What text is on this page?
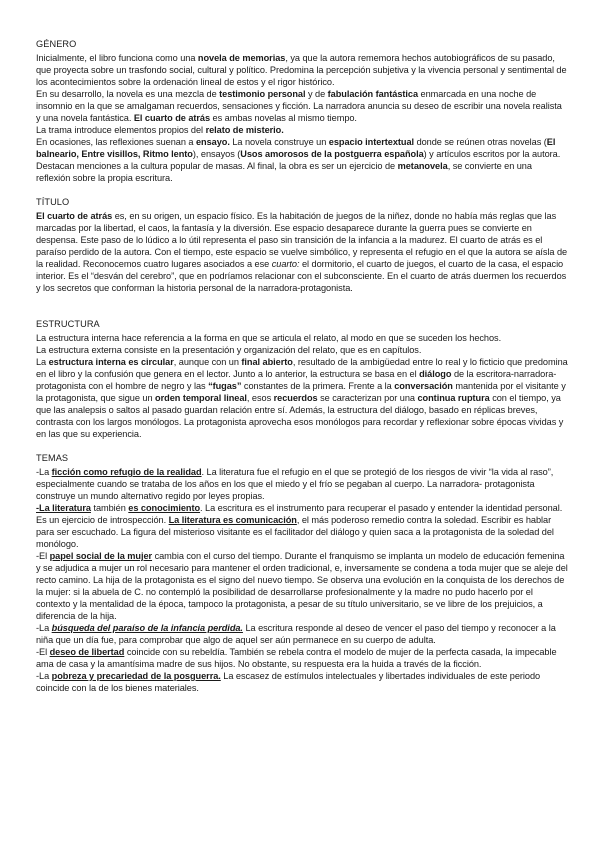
GÉNERO

Inicialmente, el libro funciona como una novela de memorias, ya que la autora rememora hechos autobiográficos de su pasado, que proyecta sobre un trasfondo social, cultural y político. Predomina la percepción subjetiva y la vivencia personal y sentimental de los acontecimientos sobre la ordenación lineal de estos y el rigor histórico.

En su desarrollo, la novela es una mezcla de testimonio personal y de fabulación fantástica enmarcada en una noche de insomnio en la que se amalgaman recuerdos, sensaciones y ficción. La narradora anuncia su deseo de escribir una novela realista y una novela fantástica. El cuarto de atrás es ambas novelas al mismo tiempo.

La trama introduce elementos propios del relato de misterio.

En ocasiones, las reflexiones suenan a ensayo. La novela construye un espacio intertextual donde se reúnen otras novelas (El balneario, Entre visillos, Ritmo lento), ensayos (Usos amorosos de la postguerra española) y artículos escritos por la autora. Destacan menciones a la cultura popular de masas. Al final, la obra es ser un ejercicio de metanovela, se convierte en una reflexión sobre la propia escritura.

TÍTULO

El cuarto de atrás es, en su origen, un espacio físico. Es la habitación de juegos de la niñez, donde no había más reglas que las marcadas por la libertad, el caos, la fantasía y la diversión. Ese espacio desaparece durante la guerra pues se convierte en despensa. Este paso de lo lúdico a lo útil representa el paso sin transición de la infancia a la madurez. El cuarto de atrás es el paraíso perdido de la autora. Con el tiempo, este espacio se vuelve simbólico, y representa el refugio en el que la autora se aísla de la realidad. Reconocemos cuatro lugares asociados a ese cuarto: el dormitorio, el cuarto de juegos, el cuarto de la casa, el espacio interior. Es el “desván del cerebro”, que en podríamos relacionar con el subconsciente. En el cuarto de atrás duermen los recuerdos y los secretos que conforman la historia personal de la narradora-protagonista.

ESTRUCTURA

La estructura interna hace referencia a la forma en que se articula el relato, al modo en que se suceden los hechos.

La estructura externa consiste en la presentación y organización del relato, que es en capítulos.

La estructura interna es circular, aunque con un final abierto, resultado de la ambigüedad entre lo real y lo ficticio que predomina en el libro y la confusión que genera en el lector. Junto a lo anterior, la estructura se basa en el diálogo de la escritora-narradora- protagonista con el hombre de negro y las “fugas” constantes de la primera. Frente a la conversación mantenida por el visitante y la protagonista, que sigue un orden temporal lineal, esos recuerdos se caracterizan por una continua ruptura con el tiempo, ya que las analepsis o saltos al pasado guardan relación entre sí. Además, la estructura del diálogo, basado en réplicas breves, contrasta con los largos monólogos. La protagonista aprovecha esos monólogos para recordar y reflexionar sobre épocas vividas y en las que su experiencia.

TEMAS

-La ficción como refugio de la realidad. La literatura fue el refugio en el que se protegió de los riesgos de vivir “la vida al raso”, especialmente cuando se trataba de los años en los que el miedo y el frío se pegaban al cuerpo. La narradora- protagonista construye un mundo alternativo regido por leyes propias.

-La literatura también es conocimiento. La escritura es el instrumento para recuperar el pasado y entender la identidad personal. Es un ejercicio de introspección. La literatura es comunicación, el más poderoso remedio contra la soledad. Escribir es hablar para ser escuchado. La figura del misterioso visitante es el facilitador del diálogo y quien saca a la protagonista de la soledad del monólogo.

-El papel social de la mujer cambia con el curso del tiempo. Durante el franquismo se implanta un modelo de educación femenina y se adjudica a mujer un rol necesario para mantener el orden tradicional, e, inversamente se condena a toda mujer que se aleje del recto camino. La hija de la protagonista es el signo del nuevo tiempo. Se observa una evolución en la conquista de los derechos de la mujer: si la abuela de C. no contempló la posibilidad de desarrollarse profesionalmente y la madre no pudo hacerlo por el contexto y la mentalidad de la época, tampoco la protagonista, a pesar de su título universitario, se ve libre de los prejuicios, a diferencia de la hija.

-La búsqueda del paraíso de la infancia perdida. La escritura responde al deseo de vencer el paso del tiempo y reconocer a la niña que un día fue, para comprobar que algo de aquel ser aún permanece en su cuerpo de adulta.

-El deseo de libertad coincide con su rebeldía. También se rebela contra el modelo de mujer de la perfecta casada, la impecable ama de casa y la amantísima madre de sus hijos. No obstante, su respuesta era la huida a través de la ficción.

-La pobreza y precariedad de la posguerra. La escasez de estímulos intelectuales y libertades individuales de este periodo coincide con la de los bienes materiales.
